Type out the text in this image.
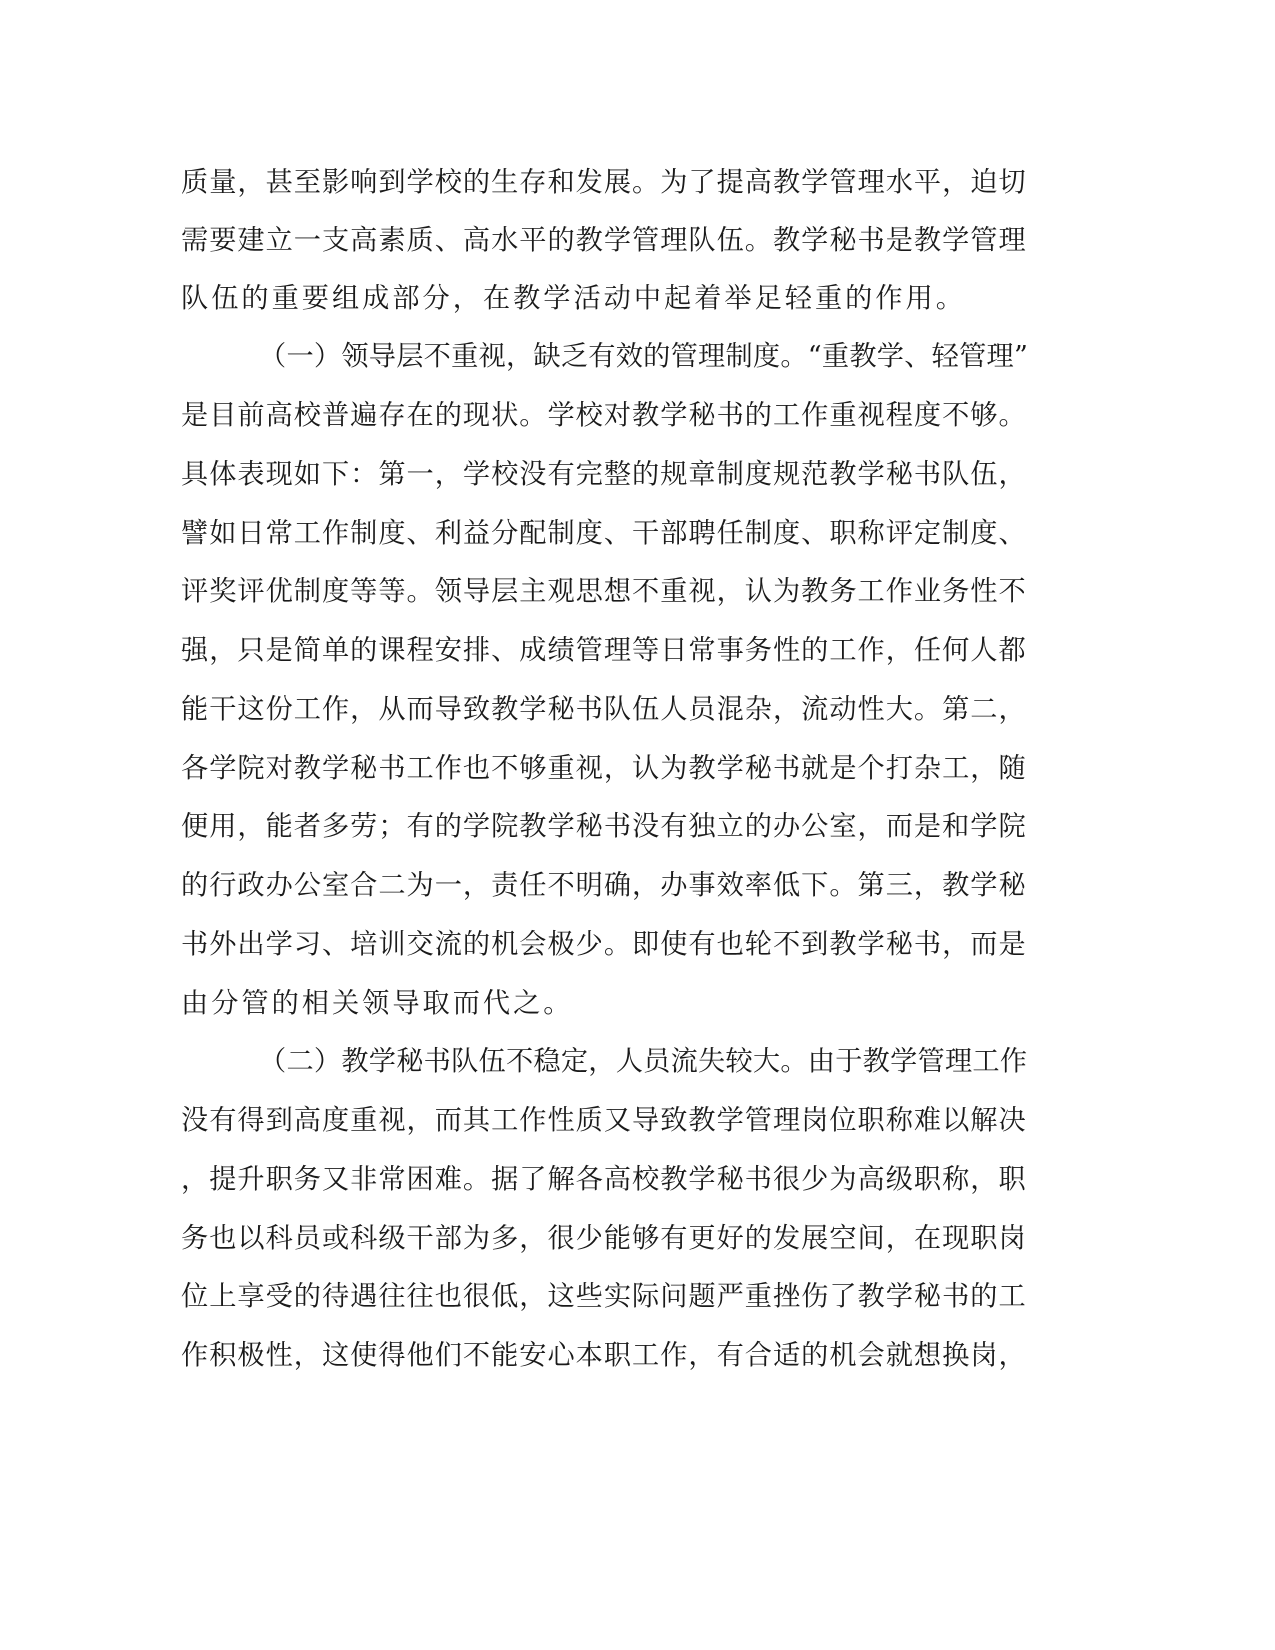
质量，甚至影响到学校的生存和发展。为了提高教学管理水平，迫切
需要建立一支高素质、高水平的教学管理队伍。教学秘书是教学管理
队伍的重要组成部分，在教学活动中起着举足轻重的作用。
（一）领导层不重视，缺乏有效的管理制度。“重教学、轻管理”
是目前高校普遍存在的现状。学校对教学秘书的工作重视程度不够。
具体表现如下：第一，学校没有完整的规章制度规范教学秘书队伍，
譬如日常工作制度、利益分配制度、干部聘任制度、职称评定制度、
评奖评优制度等等。领导层主观思想不重视，认为教务工作业务性不
强，只是简单的课程安排、成绩管理等日常事务性的工作，任何人都
能干这份工作，从而导致教学秘书队伍人员混杂，流动性大。第二，
各学院对教学秘书工作也不够重视，认为教学秘书就是个打杂工，随
便用，能者多劳；有的学院教学秘书没有独立的办公室，而是和学院
的行政办公室合二为一，责任不明确，办事效率低下。第三，教学秘
书外出学习、培训交流的机会极少。即使有也轮不到教学秘书，而是
由分管的相关领导取而代之。
（二）教学秘书队伍不稳定，人员流失较大。由于教学管理工作
没有得到高度重视，而其工作性质又导致教学管理岗位职称难以解决
，提升职务又非常困难。据了解各高校教学秘书很少为高级职称，职
务也以科员或科级干部为多，很少能够有更好的发展空间，在现职岗
位上享受的待遇往往也很低，这些实际问题严重挫伤了教学秘书的工
作积极性，这使得他们不能安心本职工作，有合适的机会就想换岗，
